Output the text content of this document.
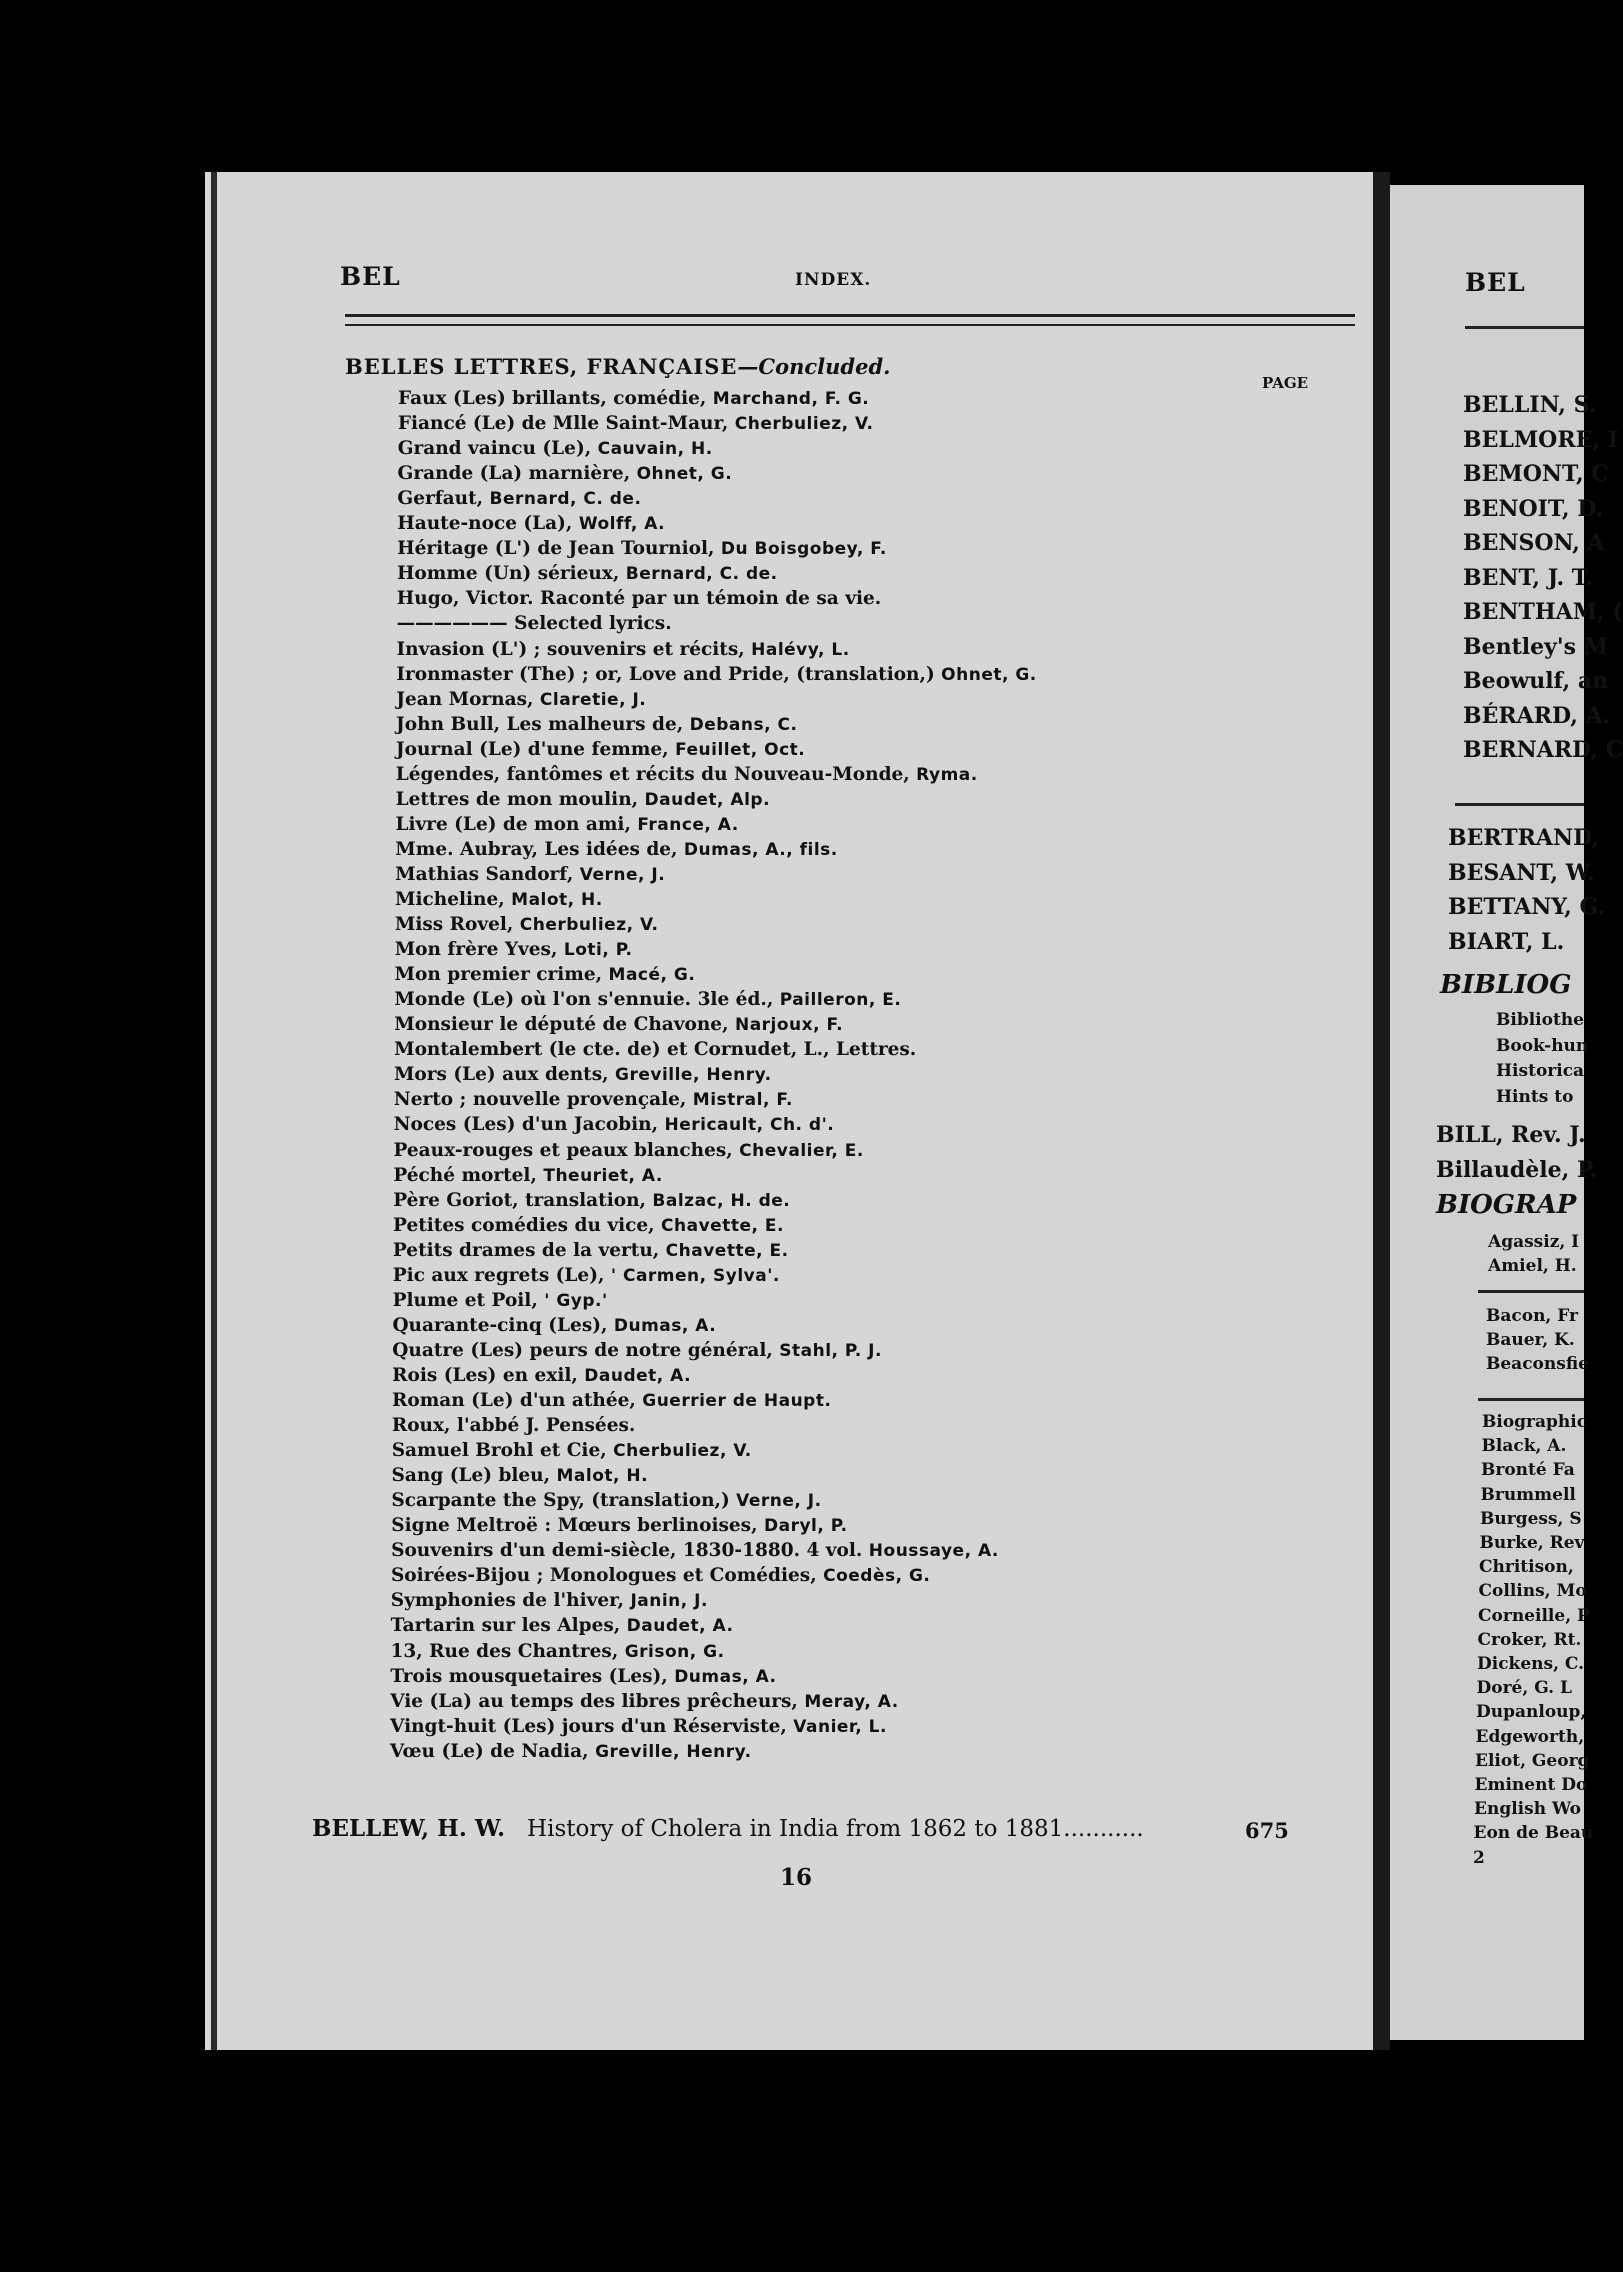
BEL	INDEX.	BEL
BELLES LETTRES, FRANÇAISE—Concluded.
PAGE
Faux (Les) brillants, comédie, Marchand, F. G.
Fiancé (Le) de Mlle Saint-Maur, Cherbuliez, V.
Grand vaincu (Le), Cauvain, H.
Grande (La) marnière, Ohnet, G.
Gerfaut, Bernard, C. de.
Haute-noce (La), Wolff, A.
Héritage (L') de Jean Tourniol, Du Boisgobey, F.
Homme (Un) sérieux, Bernard, C. de.
Hugo, Victor. Raconté par un témoin de sa vie.
—————— Selected lyrics.
Invasion (L') ; souvenirs et récits, Halévy, L.
Ironmaster (The) ; or, Love and Pride, (translation,) Ohnet, G.
Jean Mornas, Claretie, J.
John Bull, Les malheurs de, Debans, C.
Journal (Le) d'une femme, Feuillet, Oct.
Légendes, fantômes et récits du Nouveau-Monde, Ryma.
Lettres de mon moulin, Daudet, Alp.
Livre (Le) de mon ami, France, A.
Mme. Aubray, Les idées de, Dumas, A., fils.
Mathias Sandorf, Verne, J.
Micheline, Malot, H.
Miss Rovel, Cherbuliez, V.
Mon frère Yves, Loti, P.
Mon premier crime, Macé, G.
Monde (Le) où l'on s'ennuie. 3le éd., Pailleron, E.
Monsieur le député de Chavone, Narjoux, F.
Montalembert (le cte. de) et Cornudet, L., Lettres.
Mors (Le) aux dents, Greville, Henry.
Nerto ; nouvelle provençale, Mistral, F.
Noces (Les) d'un Jacobin, Hericault, Ch. d'.
Peaux-rouges et peaux blanches, Chevalier, E.
Péché mortel, Theuriet, A.
Père Goriot, translation, Balzac, H. de.
Petites comédies du vice, Chavette, E.
Petits drames de la vertu, Chavette, E.
Pic aux regrets (Le), ' Carmen, Sylva'.
Plume et Poil, ' Gyp.'
Quarante-cinq (Les), Dumas, A.
Quatre (Les) peurs de notre général, Stahl, P. J.
Rois (Les) en exil, Daudet, A.
Roman (Le) d'un athée, Guerrier de Haupt.
Roux, l'abbé J. Pensées.
Samuel Brohl et Cie, Cherbuliez, V.
Sang (Le) bleu, Malot, H.
Scarpante the Spy, (translation,) Verne, J.
Signe Meltroë : Mœurs berlinoises, Daryl, P.
Souvenirs d'un demi-siècle, 1830-1880. 4 vol. Houssaye, A.
Soirées-Bijou ; Monologues et Comédies, Coedès, G.
Symphonies de l'hiver, Janin, J.
Tartarin sur les Alpes, Daudet, A.
13, Rue des Chantres, Grison, G.
Trois mousquetaires (Les), Dumas, A.
Vie (La) au temps des libres prêcheurs, Meray, A.
Vingt-huit (Les) jours d'un Réserviste, Vanier, L.
Vœu (Le) de Nadia, Greville, Henry.
BELLEW, H. W. History of Cholera in India from 1862 to 1881...........	675
16
BELLIN, S.
BELMORE, I
BEMONT, C
BENOIT, D.
BENSON, A
BENT, J. T.
BENTHAM, (
Bentley's M
Beowulf, an
BÉRARD, A.
BERNARD, C
BERTRAND,
BESANT, W.
BETTANY, G.
BIART, L.
BIBLIOG
Bibliothe
Book-hun
Historica
Hints to
BILL, Rev. J.
Billaudèle, P.
BIOGRAP
Agassiz, I
Amiel, H.
Bacon, Fr
Bauer, K.
Beaconsfie
Biographic
Black, A.
Bronté Fa
Brummell
Burgess, S
Burke, Rev
Chritison,
Collins, Mo
Corneille, P
Croker, Rt.
Dickens, C.
Doré, G. L
Dupanloup,
Edgeworth,
Eliot, Georg
Eminent Do
English Wo
Eon de Beau
2
